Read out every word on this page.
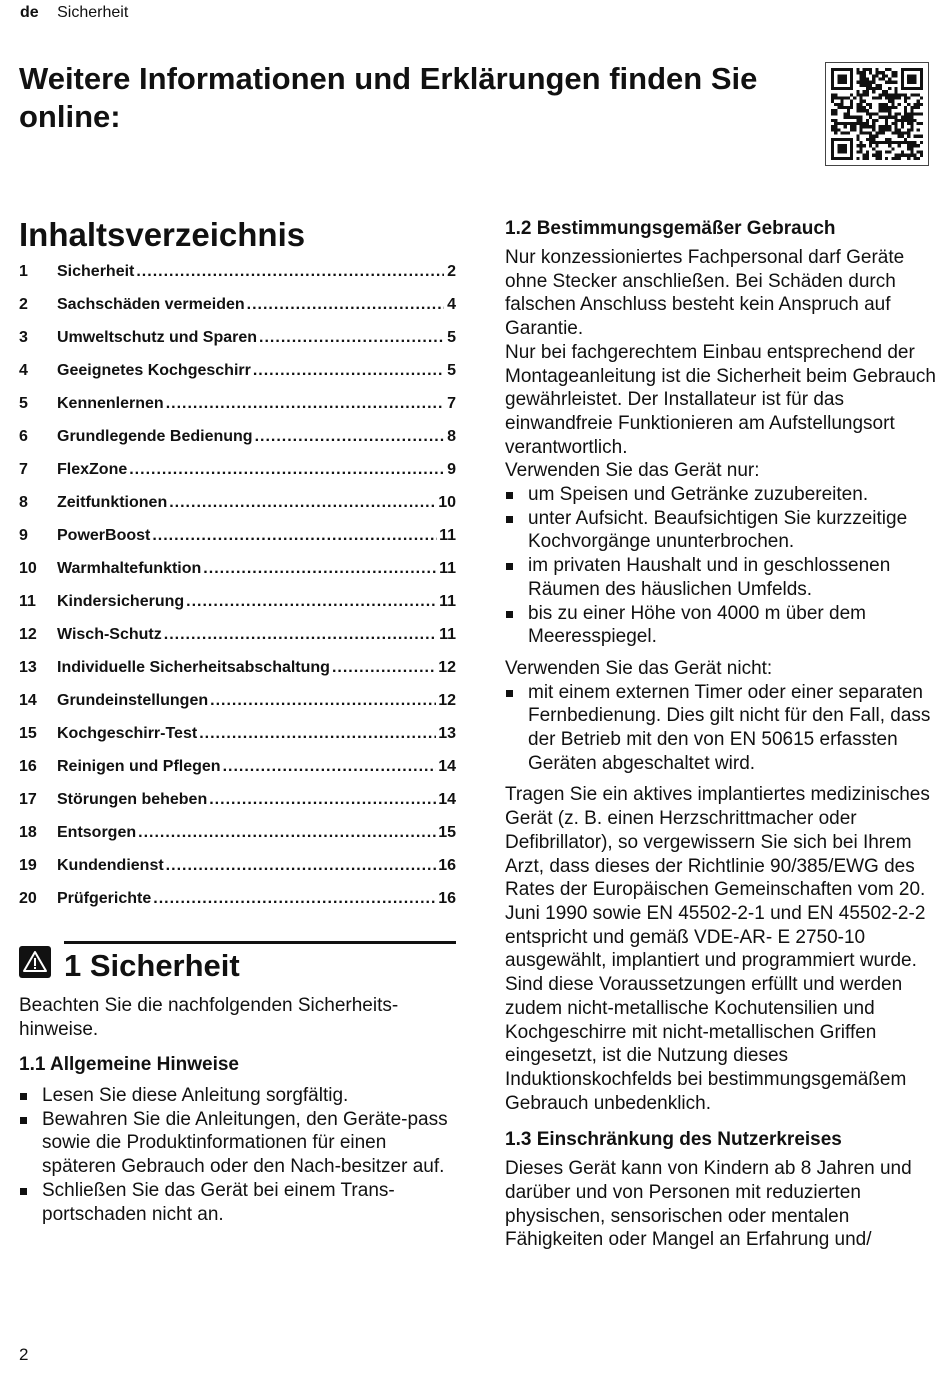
de Sicherheit
Weitere Informationen und Erklärungen finden Sie online:
Inhaltsverzeichnis
1	Sicherheit .....	2
2	Sachschäden vermeiden .....	4
3	Umweltschutz und Sparen .....	5
4	Geeignetes Kochgeschirr .....	5
5	Kennenlernen .....	7
6	Grundlegende Bedienung .....	8
7	FlexZone .....	9
8	Zeitfunktionen .....	10
9	PowerBoost .....	11
10	Warmhaltefunktion .....	11
11	Kindersicherung .....	11
12	Wisch-Schutz .....	11
13	Individuelle Sicherheitsabschaltung .....	12
14	Grundeinstellungen .....	12
15	Kochgeschirr-Test .....	13
16	Reinigen und Pflegen .....	14
17	Störungen beheben .....	14
18	Entsorgen .....	15
19	Kundendienst .....	16
20	Prüfgerichte .....	16
1 Sicherheit
Beachten Sie die nachfolgenden Sicherheits-hinweise.
1.1 Allgemeine Hinweise
Lesen Sie diese Anleitung sorgfältig.
Bewahren Sie die Anleitungen, den Geräte-pass sowie die Produktinformationen für einen späteren Gebrauch oder den Nach-besitzer auf.
Schließen Sie das Gerät bei einem Trans-portschaden nicht an.
1.2 Bestimmungsgemäßer Gebrauch
Nur konzessioniertes Fachpersonal darf Geräte ohne Stecker anschließen. Bei Schäden durch falschen Anschluss besteht kein Anspruch auf Garantie.
Nur bei fachgerechtem Einbau entsprechend der Montageanleitung ist die Sicherheit beim Gebrauch gewährleistet. Der Installateur ist für das einwandfreie Funktionieren am Aufstellungsort verantwortlich.
Verwenden Sie das Gerät nur:
um Speisen und Getränke zuzubereiten.
unter Aufsicht. Beaufsichtigen Sie kurzzeitige Kochvorgänge ununterbrochen.
im privaten Haushalt und in geschlossenen Räumen des häuslichen Umfelds.
bis zu einer Höhe von 4000 m über dem Meeresspiegel.
Verwenden Sie das Gerät nicht:
mit einem externen Timer oder einer separaten Fernbedienung. Dies gilt nicht für den Fall, dass der Betrieb mit den von EN 50615 erfassten Geräten abgeschaltet wird.
Tragen Sie ein aktives implantiertes medizinisches Gerät (z. B. einen Herzschrittmacher oder Defibrillator), so vergewissern Sie sich bei Ihrem Arzt, dass dieses der Richtlinie 90/385/EWG des Rates der Europäischen Gemeinschaften vom 20. Juni 1990 sowie EN 45502-2-1 und EN 45502-2-2 entspricht und gemäß VDE-AR- E 2750-10 ausgewählt, implantiert und programmiert wurde. Sind diese Voraussetzungen erfüllt und werden zudem nicht-metallische Kochutensilien und Kochgeschirre mit nicht-metallischen Griffen eingesetzt, ist die Nutzung dieses Induktionskochfelds bei bestimmungsgemäßem Gebrauch unbedenklich.
1.3 Einschränkung des Nutzerkreises
Dieses Gerät kann von Kindern ab 8 Jahren und darüber und von Personen mit reduzierten physischen, sensorischen oder mentalen Fähigkeiten oder Mangel an Erfahrung und/
2
